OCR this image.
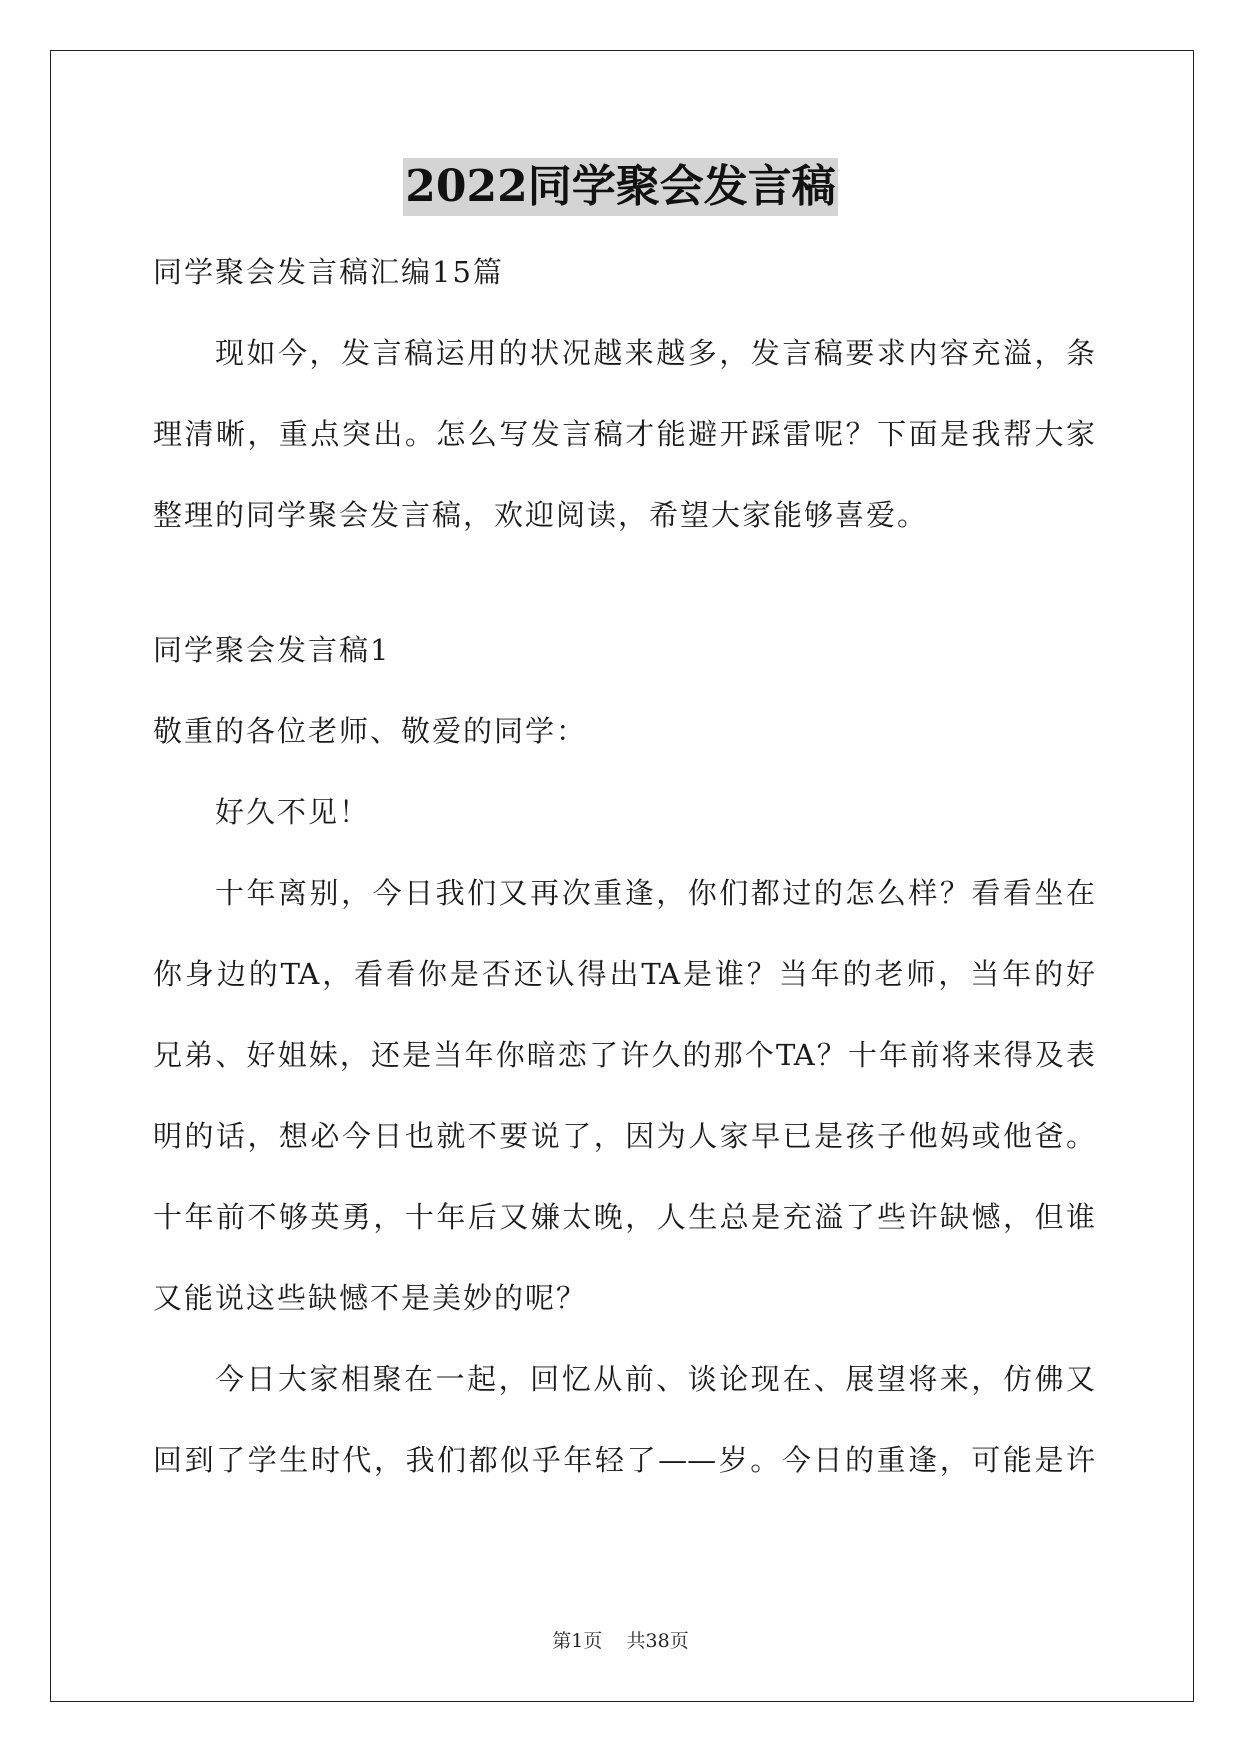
2022同学聚会发言稿
同学聚会发言稿汇编15篇
现如今，发言稿运用的状况越来越多，发言稿要求内容充溢，条
理清晰，重点突出。怎么写发言稿才能避开踩雷呢？下面是我帮大家
整理的同学聚会发言稿，欢迎阅读，希望大家能够喜爱。
同学聚会发言稿1
敬重的各位老师、敬爱的同学：
好久不见！
十年离别，今日我们又再次重逢，你们都过的怎么样？看看坐在
你身边的TA，看看你是否还认得出TA是谁？当年的老师，当年的好
兄弟、好姐妹，还是当年你暗恋了许久的那个TA？十年前将来得及表
明的话，想必今日也就不要说了，因为人家早已是孩子他妈或他爸。
十年前不够英勇，十年后又嫌太晚，人生总是充溢了些许缺憾，但谁
又能说这些缺憾不是美妙的呢？
今日大家相聚在一起，回忆从前、谈论现在、展望将来，仿佛又
回到了学生时代，我们都似乎年轻了——岁。今日的重逢，可能是许
第1页 共38页
